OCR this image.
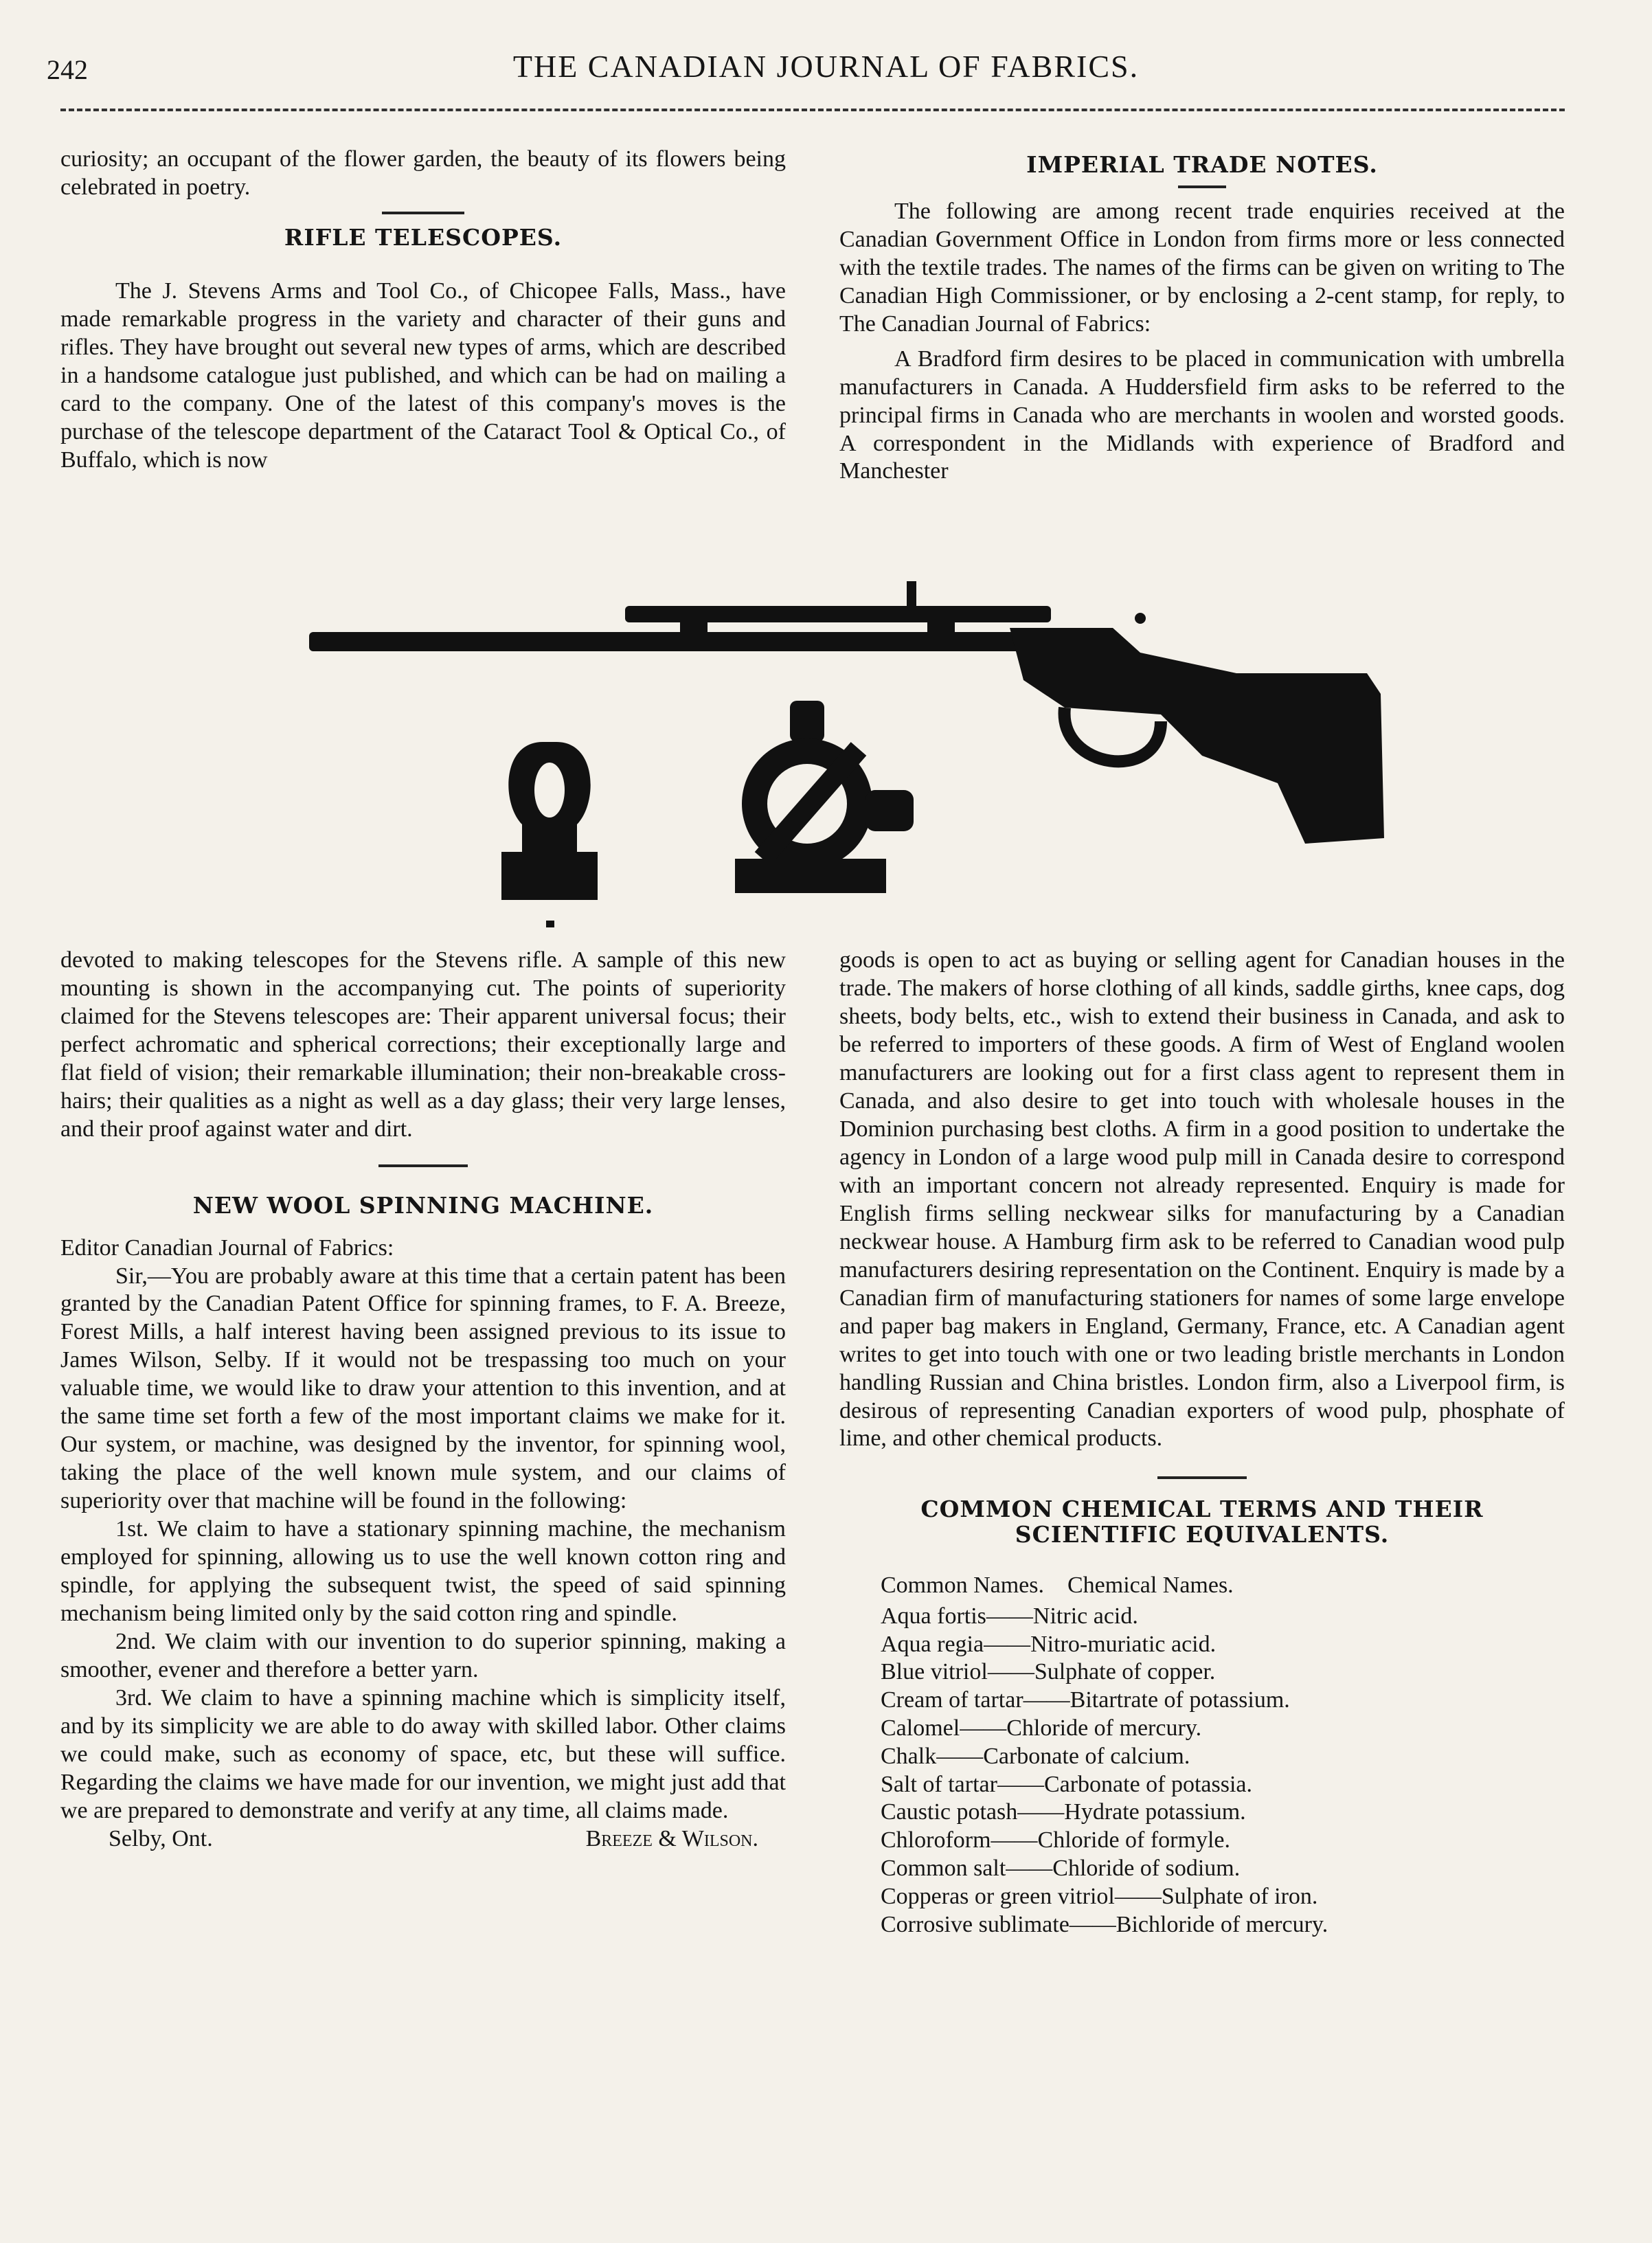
242	THE CANADIAN JOURNAL OF FABRICS.

curiosity; an occupant of the flower garden, the beauty of its flowers being celebrated in poetry.

RIFLE TELESCOPES.

The J. Stevens Arms and Tool Co., of Chicopee Falls, Mass., have made remarkable progress in the variety and character of their guns and rifles. They have brought out several new types of arms, which are described in a handsome catalogue just published, and which can be had on mailing a card to the company. One of the latest of this company's moves is the purchase of the telescope department of the Cataract Tool & Optical Co., of Buffalo, which is now

IMPERIAL TRADE NOTES.

The following are among recent trade enquiries received at the Canadian Government Office in London from firms more or less connected with the textile trades. The names of the firms can be given on writing to The Canadian High Commissioner, or by enclosing a 2-cent stamp, for reply, to The Canadian Journal of Fabrics:

A Bradford firm desires to be placed in communication with umbrella manufacturers in Canada. A Huddersfield firm asks to be referred to the principal firms in Canada who are merchants in woolen and worsted goods. A correspondent in the Midlands with experience of Bradford and Manchester

devoted to making telescopes for the Stevens rifle. A sample of this new mounting is shown in the accompanying cut. The points of superiority claimed for the Stevens telescopes are: Their apparent universal focus; their perfect achromatic and spherical corrections; their exceptionally large and flat field of vision; their remarkable illumination; their non-breakable cross-hairs; their qualities as a night as well as a day glass; their very large lenses, and their proof against water and dirt.

NEW WOOL SPINNING MACHINE.

Editor Canadian Journal of Fabrics:

Sir,—You are probably aware at this time that a certain patent has been granted by the Canadian Patent Office for spinning frames, to F. A. Breeze, Forest Mills, a half interest having been assigned previous to its issue to James Wilson, Selby. If it would not be trespassing too much on your valuable time, we would like to draw your attention to this invention, and at the same time set forth a few of the most important claims we make for it. Our system, or machine, was designed by the inventor, for spinning wool, taking the place of the well known mule system, and our claims of superiority over that machine will be found in the following:

1st. We claim to have a stationary spinning machine, the mechanism employed for spinning, allowing us to use the well known cotton ring and spindle, for applying the subsequent twist, the speed of said spinning mechanism being limited only by the said cotton ring and spindle.

2nd. We claim with our invention to do superior spinning, making a smoother, evener and therefore a better yarn.

3rd. We claim to have a spinning machine which is simplicity itself, and by its simplicity we are able to do away with skilled labor. Other claims we could make, such as economy of space, etc, but these will suffice. Regarding the claims we have made for our invention, we might just add that we are prepared to demonstrate and verify at any time, all claims made.

Selby, Ont.	Breeze & Wilson.

goods is open to act as buying or selling agent for Canadian houses in the trade. The makers of horse clothing of all kinds, saddle girths, knee caps, dog sheets, body belts, etc., wish to extend their business in Canada, and ask to be referred to importers of these goods. A firm of West of England woolen manufacturers are looking out for a first class agent to represent them in Canada, and also desire to get into touch with wholesale houses in the Dominion purchasing best cloths. A firm in a good position to undertake the agency in London of a large wood pulp mill in Canada desire to correspond with an important concern not already represented. Enquiry is made for English firms selling neckwear silks for manufacturing by a Canadian neckwear house. A Hamburg firm ask to be referred to Canadian wood pulp manufacturers desiring representation on the Continent. Enquiry is made by a Canadian firm of manufacturing stationers for names of some large envelope and paper bag makers in England, Germany, France, etc. A Canadian agent writes to get into touch with one or two leading bristle merchants in London handling Russian and China bristles. London firm, also a Liverpool firm, is desirous of representing Canadian exporters of wood pulp, phosphate of lime, and other chemical products.

COMMON CHEMICAL TERMS AND THEIR SCIENTIFIC EQUIVALENTS.
Common Names. Chemical Names.
Aqua fortis——Nitric acid.
Aqua regia——Nitro-muriatic acid.
Blue vitriol——Sulphate of copper.
Cream of tartar——Bitartrate of potassium.
Calomel——Chloride of mercury.
Chalk——Carbonate of calcium.
Salt of tartar——Carbonate of potassia.
Caustic potash——Hydrate potassium.
Chloroform——Chloride of formyle.
Common salt——Chloride of sodium.
Copperas or green vitriol——Sulphate of iron.
Corrosive sublimate——Bichloride of mercury.
